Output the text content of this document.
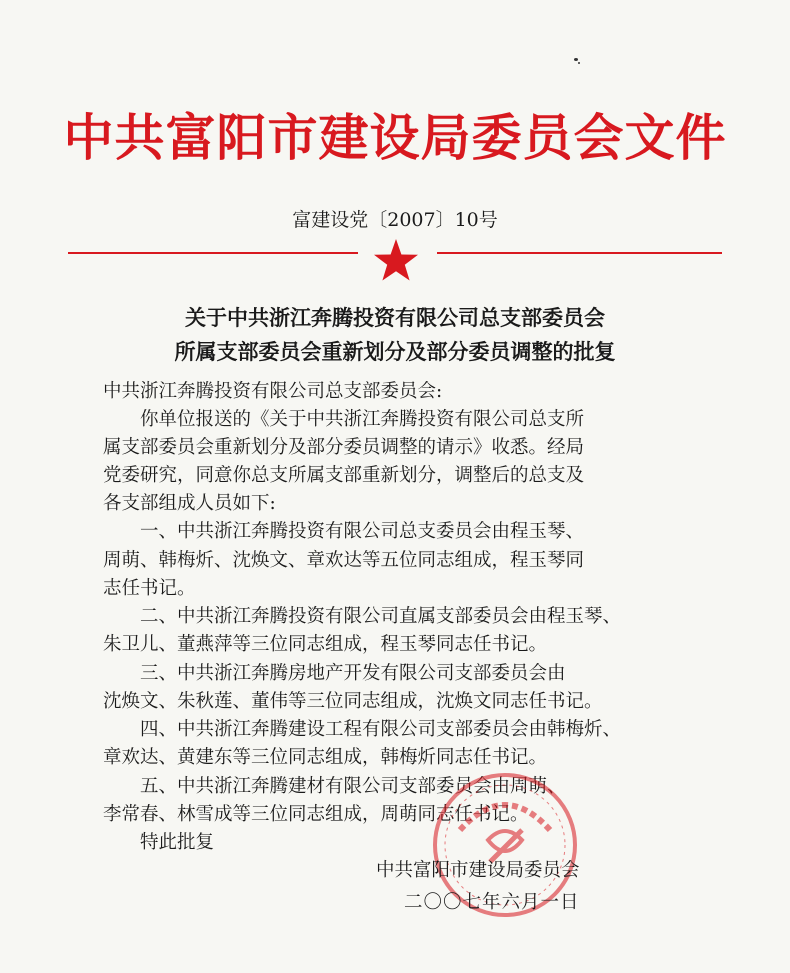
中共富阳市建设局委员会文件
富建设党〔2007〕10号
关于中共浙江奔腾投资有限公司总支部委员会
所属支部委员会重新划分及部分委员调整的批复
中共浙江奔腾投资有限公司总支部委员会:
　　你单位报送的《关于中共浙江奔腾投资有限公司总支所
属支部委员会重新划分及部分委员调整的请示》收悉。经局
党委研究，同意你总支所属支部重新划分，调整后的总支及
各支部组成人员如下:
　　一、中共浙江奔腾投资有限公司总支委员会由程玉琴、
周萌、韩梅炘、沈焕文、章欢达等五位同志组成，程玉琴同
志任书记。
　　二、中共浙江奔腾投资有限公司直属支部委员会由程玉琴、
朱卫儿、董燕萍等三位同志组成，程玉琴同志任书记。
　　三、中共浙江奔腾房地产开发有限公司支部委员会由
沈焕文、朱秋莲、董伟等三位同志组成，沈焕文同志任书记。
　　四、中共浙江奔腾建设工程有限公司支部委员会由韩梅炘、
章欢达、黄建东等三位同志组成，韩梅炘同志任书记。
　　五、中共浙江奔腾建材有限公司支部委员会由周萌、
李常春、林雪成等三位同志组成，周萌同志任书记。
　　特此批复
中共富阳市建设局委员会
二〇〇七年六月一日
